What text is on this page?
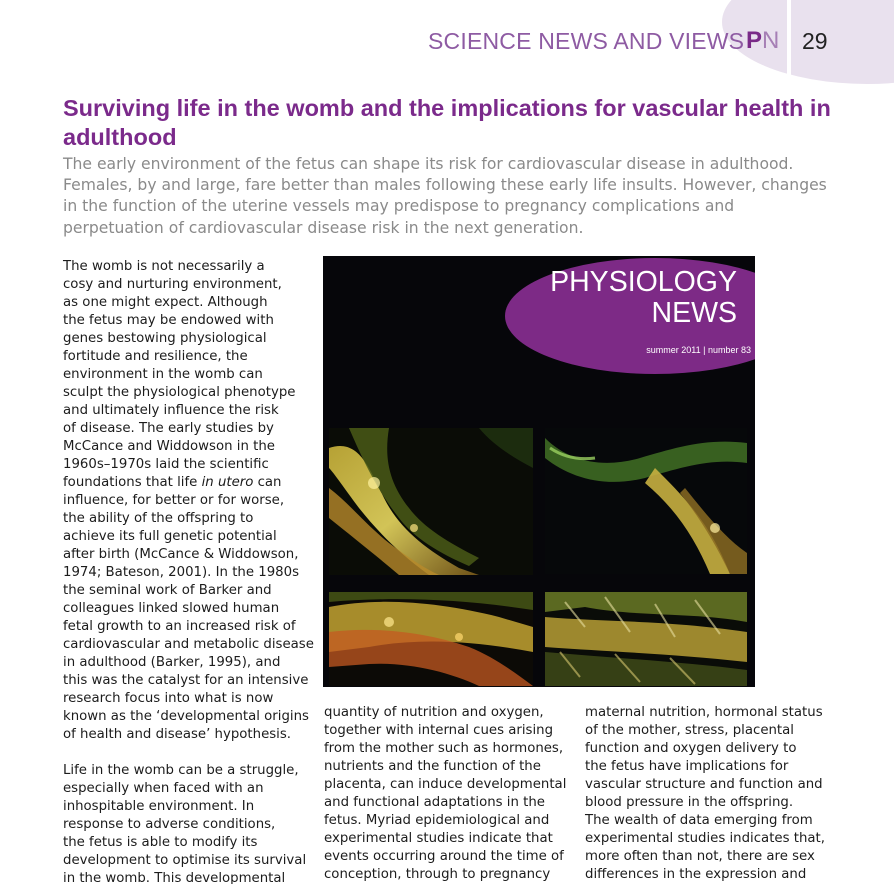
SCIENCE NEWS AND VIEWS PN 29
Surviving life in the womb and the implications for vascular health in adulthood

The early environment of the fetus can shape its risk for cardiovascular disease in adulthood. Females, by and large, fare better than males following these early life insults. However, changes in the function of the uterine vessels may predispose to pregnancy complications and perpetuation of cardiovascular disease risk in the next generation.

The womb is not necessarily a
cosy and nurturing environment,
as one might expect. Although
the fetus may be endowed with
genes bestowing physiological
fortitude and resilience, the
environment in the womb can
sculpt the physiological phenotype
and ultimately influence the risk
of disease. The early studies by
McCance and Widdowson in the
1960s–1970s laid the scientific
foundations that life in utero can
influence, for better or for worse,
the ability of the offspring to
achieve its full genetic potential
after birth (McCance & Widdowson,
1974; Bateson, 2001). In the 1980s
the seminal work of Barker and
colleagues linked slowed human
fetal growth to an increased risk of
cardiovascular and metabolic disease
in adulthood (Barker, 1995), and
this was the catalyst for an intensive
research focus into what is now
known as the ‘developmental origins
of health and disease’ hypothesis.

Life in the womb can be a struggle,
especially when faced with an
inhospitable environment. In
response to adverse conditions,
the fetus is able to modify its
development to optimise its survival
in the womb. This developmental

PHYSIOLOGY
NEWS
summer 2011 | number 83

quantity of nutrition and oxygen,
together with internal cues arising
from the mother such as hormones,
nutrients and the function of the
placenta, can induce developmental
and functional adaptations in the
fetus. Myriad epidemiological and
experimental studies indicate that
events occurring around the time of
conception, through to pregnancy

maternal nutrition, hormonal status
of the mother, stress, placental
function and oxygen delivery to
the fetus have implications for
vascular structure and function and
blood pressure in the offspring.
The wealth of data emerging from
experimental studies indicates that,
more often than not, there are sex
differences in the expression and
